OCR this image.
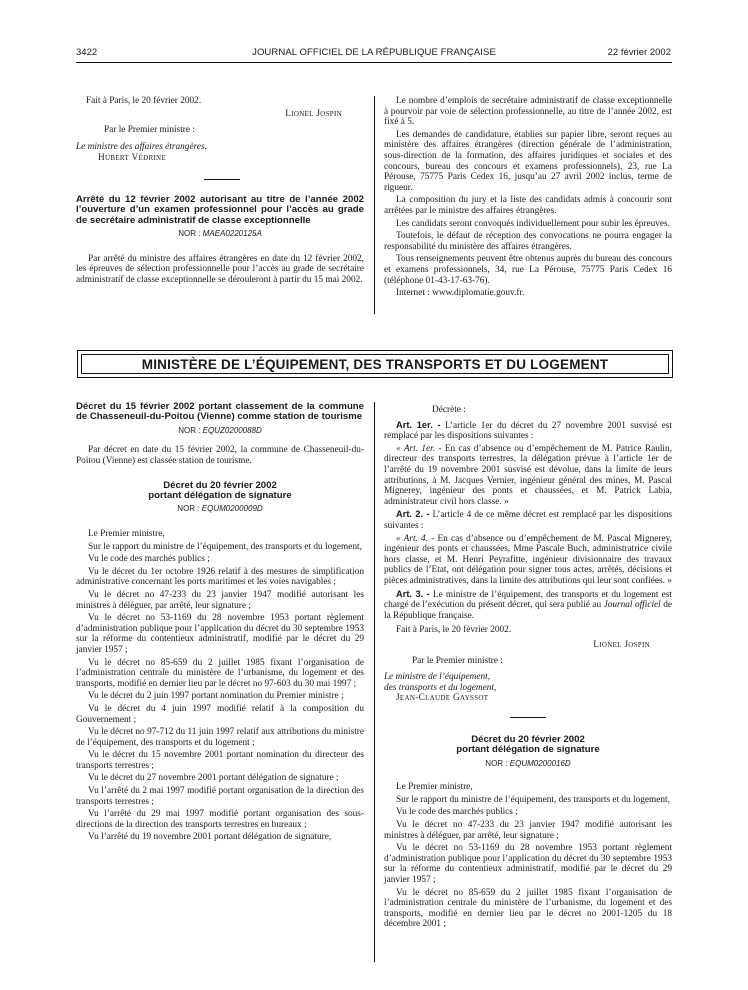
3422	JOURNAL OFFICIEL DE LA RÉPUBLIQUE FRANÇAISE	22 février 2002

Fait à Paris, le 20 février 2002.

Lionel Jospin

Par le Premier ministre :

Le ministre des affaires étrangères,
Hubert Védrine
Arrêté du 12 février 2002 autorisant au titre de l’année 2002 l’ouverture d’un examen professionnel pour l’accès au grade de secrétaire administratif de classe exceptionnelle
NOR : MAEA0220125A

Par arrêté du ministre des affaires étrangères en date du 12 février 2002, les épreuves de sélection professionnelle pour l’accès au grade de secrétaire administratif de classe exceptionnelle se dérouleront à partir du 15 mai 2002.

Le nombre d’emplois de secrétaire administratif de classe exceptionnelle à pourvoir par voie de sélection professionnelle, au titre de l’année 2002, est fixé à 5.

Les demandes de candidature, établies sur papier libre, seront reçues au ministère des affaires étrangères (direction générale de l’administration, sous-direction de la formation, des affaires juridiques et sociales et des concours, bureau des concours et examens professionnels), 23, rue La Pérouse, 75775 Paris Cedex 16, jusqu’au 27 avril 2002 inclus, terme de rigueur.

La composition du jury et la liste des candidats admis à concourir sont arrêtées par le ministre des affaires étrangères.

Les candidats seront convoqués individuellement pour subir les épreuves.

Toutefois, le défaut de réception des convocations ne pourra engager la responsabilité du ministère des affaires étrangères.

Tous renseignements peuvent être obtenus auprès du bureau des concours et examens professionnels, 34, rue La Pérouse, 75775 Paris Cedex 16 (téléphone 01-43-17-63-76).

Internet : www.diplomatie.gouv.fr.

MINISTÈRE DE L’ÉQUIPEMENT, DES TRANSPORTS ET DU LOGEMENT
Décret du 15 février 2002 portant classement de la commune de Chasseneuil-du-Poitou (Vienne) comme station de tourisme
NOR : EQUZ0200088D

Par décret en date du 15 février 2002, la commune de Chasseneuil-du-Poitou (Vienne) est classée station de tourisme.

Décret du 20 février 2002
portant délégation de signature
NOR : EQUM0200009D

Le Premier ministre,

Sur le rapport du ministre de l’équipement, des transports et du logement,

Vu le code des marchés publics ;

Vu le décret du 1er octobre 1926 relatif à des mesures de simplification administrative concernant les ports maritimes et les voies navigables ;

Vu le décret no 47-233 du 23 janvier 1947 modifié autorisant les ministres à déléguer, par arrêté, leur signature ;

Vu le décret no 53-1169 du 28 novembre 1953 portant règlement d’administration publique pour l’application du décret du 30 septembre 1953 sur la réforme du contentieux administratif, modifié par le décret du 29 janvier 1957 ;

Vu le décret no 85-659 du 2 juillet 1985 fixant l’organisation de l’administration centrale du ministère de l’urbanisme, du logement et des transports, modifié en dernier lieu par le décret no 97-603 du 30 mai 1997 ;

Vu le décret du 2 juin 1997 portant nomination du Premier ministre ;

Vu le décret du 4 juin 1997 modifié relatif à la composition du Gouvernement ;

Vu le décret no 97-712 du 11 juin 1997 relatif aux attributions du ministre de l’équipement, des transports et du logement ;

Vu le décret du 15 novembre 2001 portant nomination du directeur des transports terrestres ;

Vu le décret du 27 novembre 2001 portant délégation de signature ;

Vu l’arrêté du 2 mai 1997 modifié portant organisation de la direction des transports terrestres ;

Vu l’arrêté du 29 mai 1997 modifié portant organisation des sous-directions de la direction des transports terrestres en bureaux ;

Vu l’arrêté du 19 novembre 2001 portant délégation de signature,

Décrète :

Art. 1er. - L’article 1er du décret du 27 novembre 2001 susvisé est remplacé par les dispositions suivantes :

« Art. 1er. - En cas d’absence ou d’empêchement de M. Patrice Raulin, directeur des transports terrestres, la délégation prévue à l’article 1er de l’arrêté du 19 novembre 2001 susvisé est dévolue, dans la limite de leurs attributions, à M. Jacques Vernier, ingénieur général des mines, M. Pascal Mignerey, ingénieur des ponts et chaussées, et M. Patrick Labia, administrateur civil hors classe. »

Art. 2. - L’article 4 de ce même décret est remplacé par les dispositions suivantes :

« Art. 4. - En cas d’absence ou d’empêchement de M. Pascal Mignerey, ingénieur des ponts et chaussées, Mme Pascale Buch, administratrice civile hors classe, et M. Henri Peyrafitte, ingénieur divisionnaire des travaux publics de l’Etat, ont délégation pour signer tous actes, arrêtés, décisions et pièces administratives, dans la limite des attributions qui leur sont confiées. »

Art. 3. - Le ministre de l’équipement, des transports et du logement est chargé de l’exécution du présent décret, qui sera publié au Journal officiel de la République française.

Fait à Paris, le 20 février 2002.

Lionel Jospin

Par le Premier ministre :

Le ministre de l’équipement,
des transports et du logement,
Jean-Claude Gayssot
Décret du 20 février 2002
portant délégation de signature
NOR : EQUM0200016D

Le Premier ministre,

Sur le rapport du ministre de l’équipement, des transports et du logement,

Vu le code des marchés publics ;

Vu le décret no 47-233 du 23 janvier 1947 modifié autorisant les ministres à déléguer, par arrêté, leur signature ;

Vu le décret no 53-1169 du 28 novembre 1953 portant règlement d’administration publique pour l’application du décret du 30 septembre 1953 sur la réforme du contentieux administratif, modifié par le décret du 29 janvier 1957 ;

Vu le décret no 85-659 du 2 juillet 1985 fixant l’organisation de l’administration centrale du ministère de l’urbanisme, du logement et des transports, modifié en dernier lieu par le décret no 2001-1205 du 18 décembre 2001 ;
